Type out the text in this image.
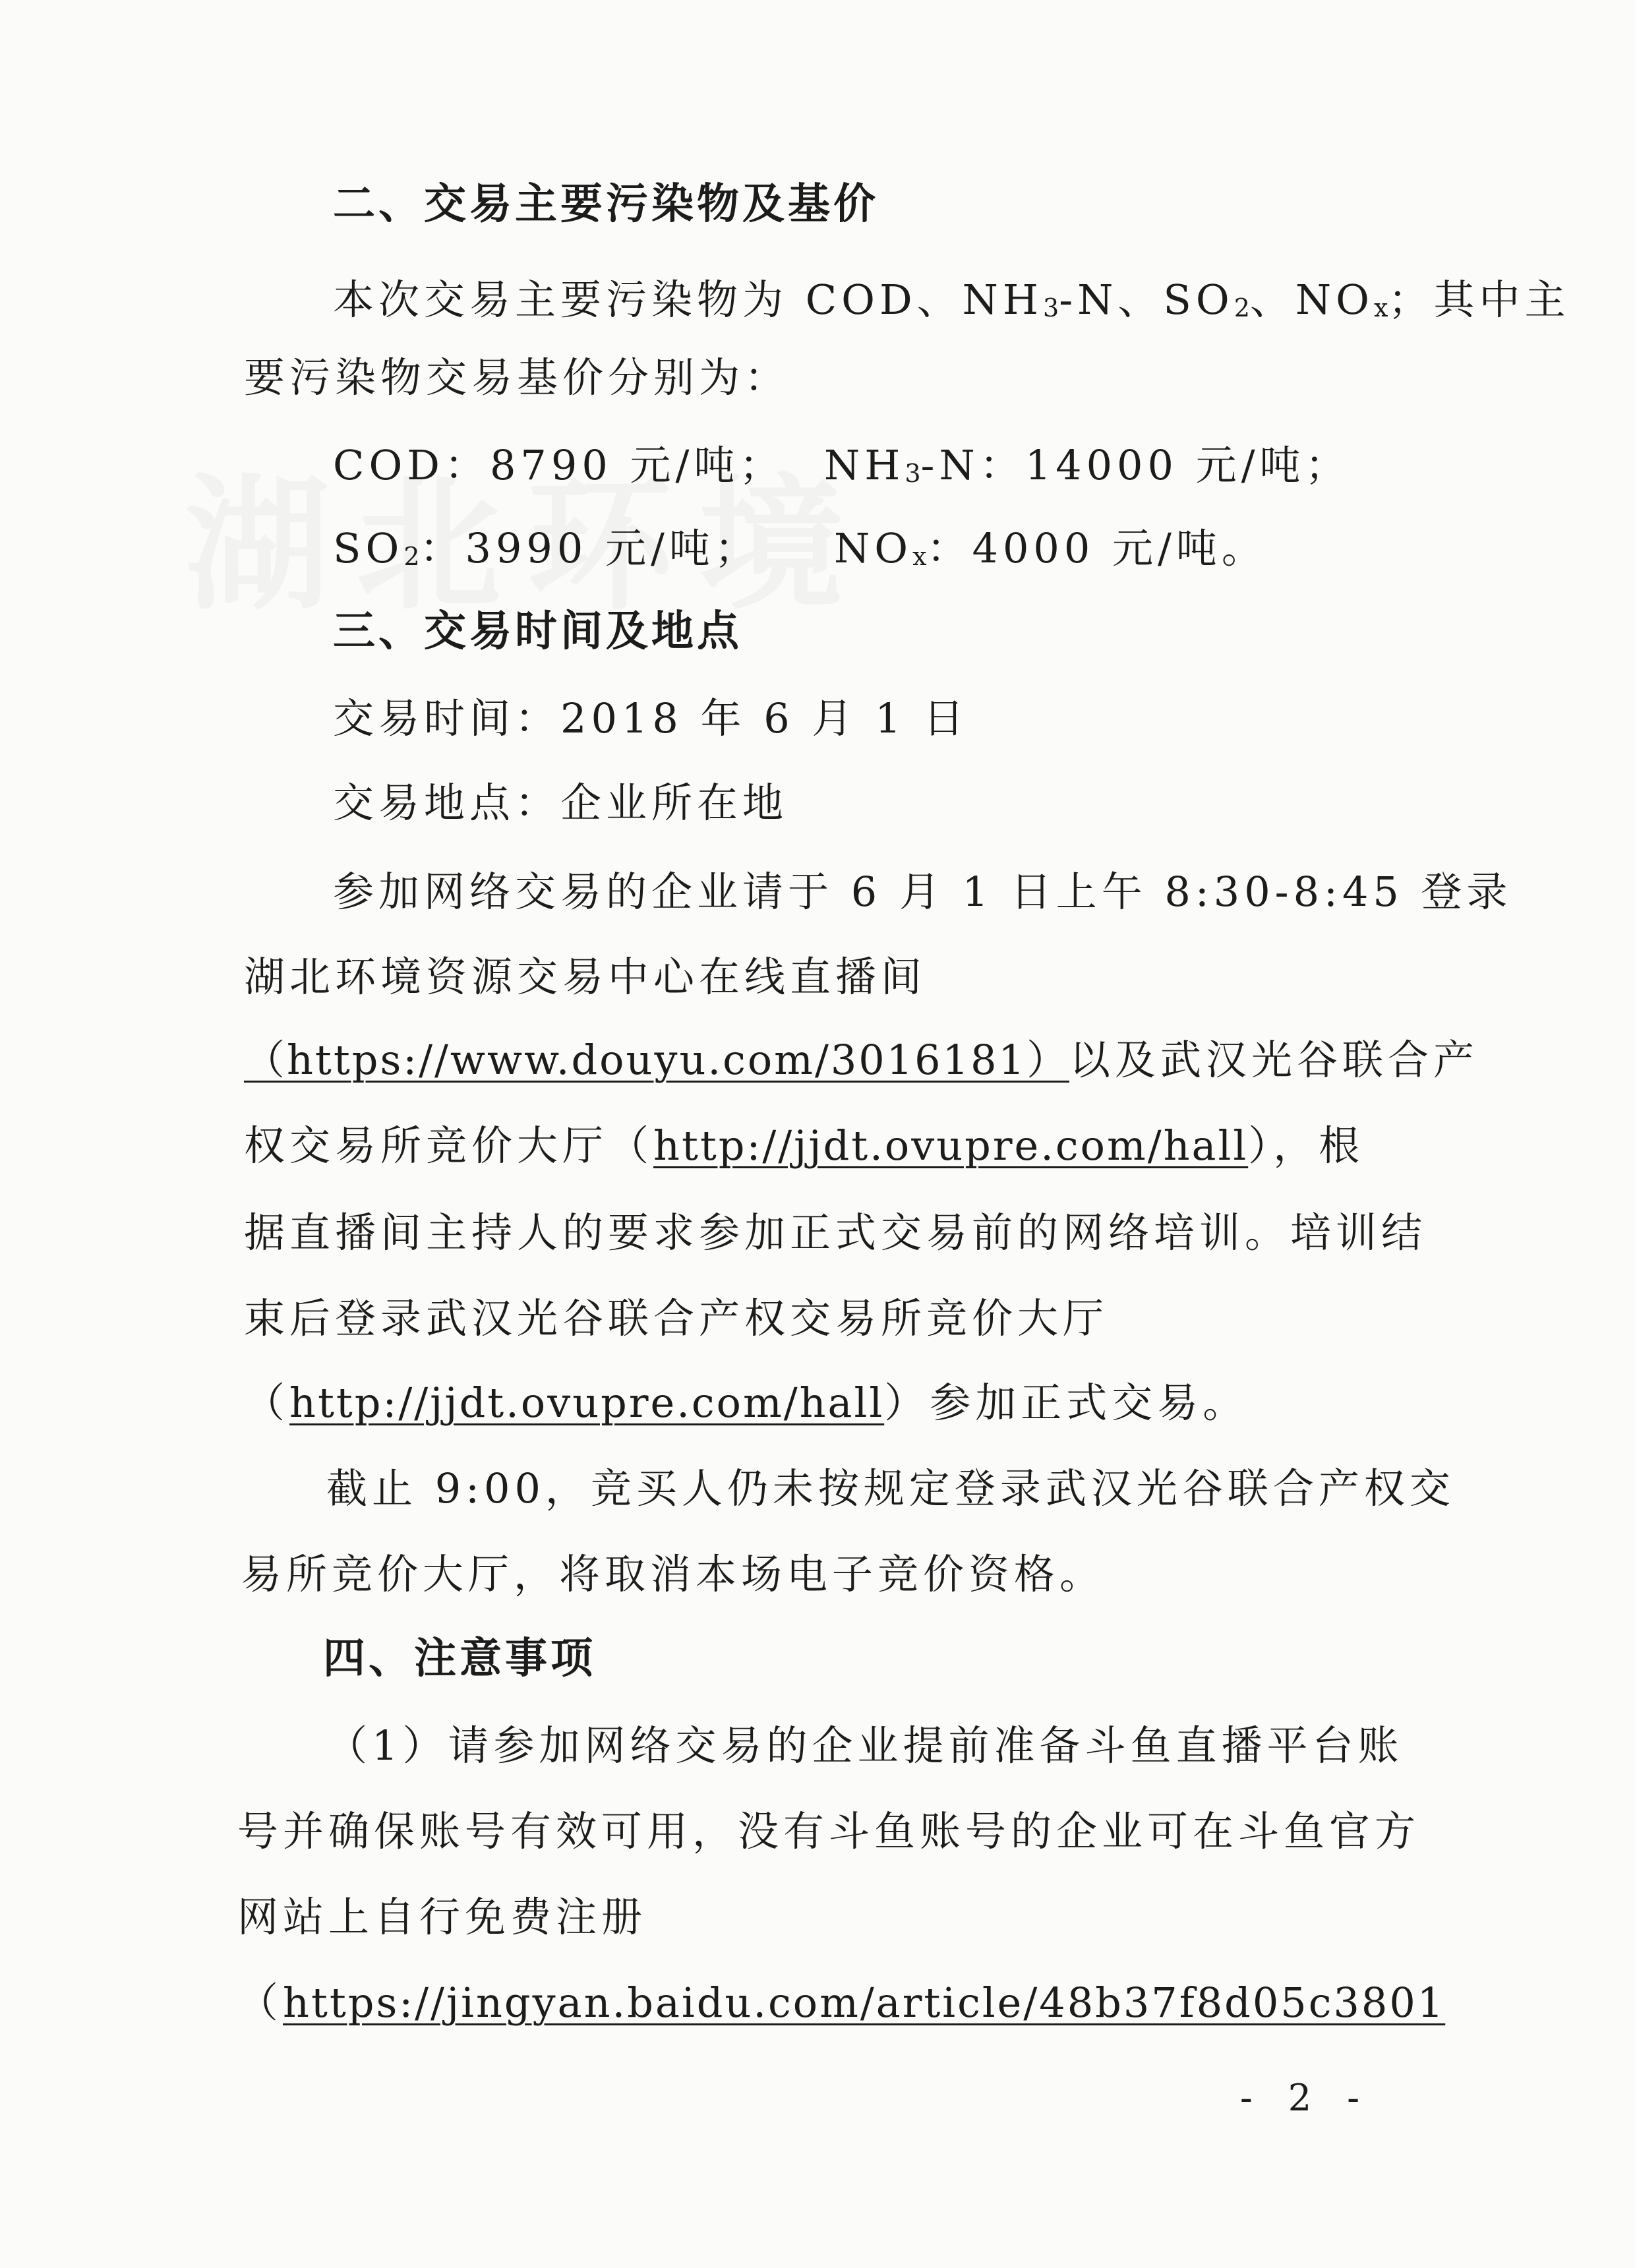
二、交易主要污染物及基价

本次交易主要污染物为 COD、$NH_3-N$、$SO_2$、$NO_x$；其中主

要污染物交易基价分别为：

COD：8790 元/吨； $NH_3-N$：14000 元/吨；

$SO_2$：3990 元/吨； $NO_x$：4000 元/吨。

三、交易时间及地点

交易时间：2018 年 6 月 1 日

交易地点：企业所在地

参加网络交易的企业请于 6 月 1 日上午 8:30-8:45 登录

湖北环境资源交易中心在线直播间

（https://www.douyu.com/3016181）以及武汉光谷联合产

权交易所竞价大厅（http://jjdt.ovupre.com/hall），根

据直播间主持人的要求参加正式交易前的网络培训。培训结

束后登录武汉光谷联合产权交易所竞价大厅

（http://jjdt.ovupre.com/hall）参加正式交易。

截止 9:00，竞买人仍未按规定登录武汉光谷联合产权交

易所竞价大厅，将取消本场电子竞价资格。

四、注意事项

（1）请参加网络交易的企业提前准备斗鱼直播平台账

号并确保账号有效可用，没有斗鱼账号的企业可在斗鱼官方

网站上自行免费注册

（https://jingyan.baidu.com/article/48b37f8d05c3801

- 2 -
